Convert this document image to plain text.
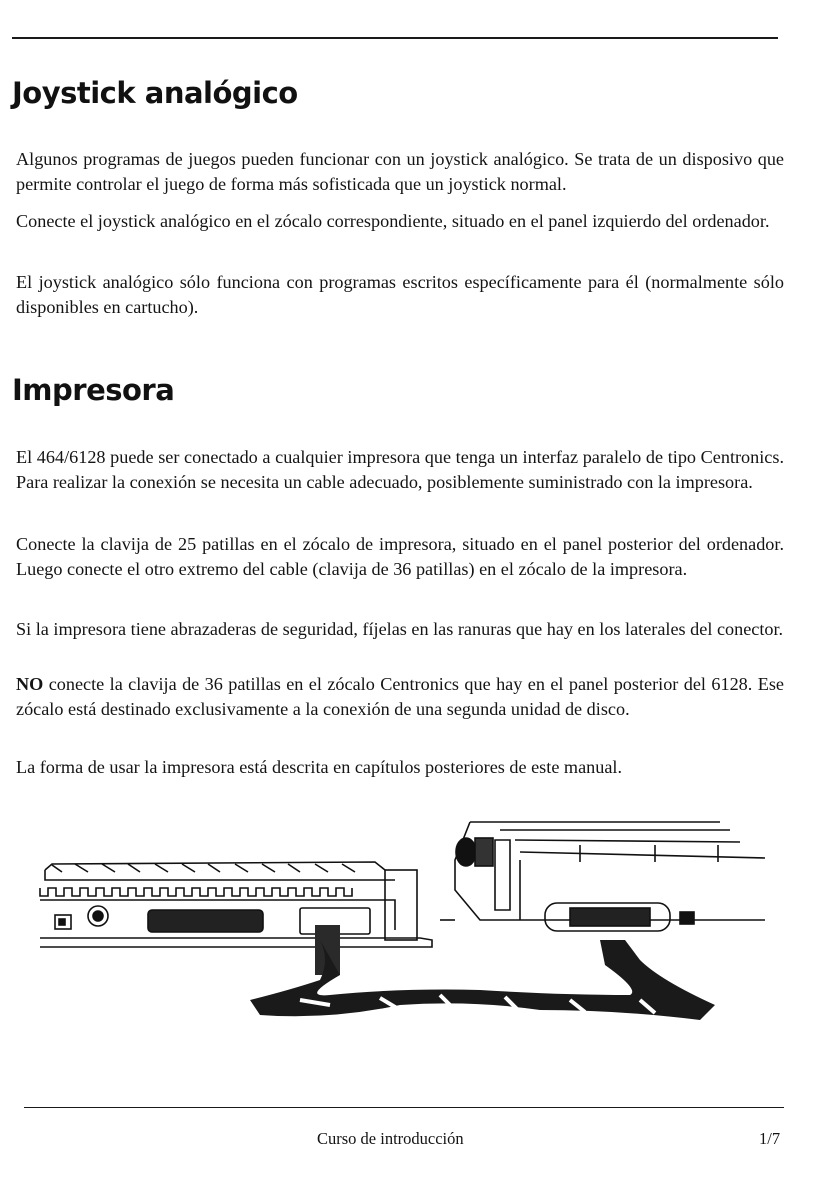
Joystick analógico

Algunos programas de juegos pueden funcionar con un joystick analógico. Se trata de un disposivo que permite controlar el juego de forma más sofisticada que un joystick normal.

Conecte el joystick analógico en el zócalo correspondiente, situado en el panel izquierdo del ordenador.

El joystick analógico sólo funciona con programas escritos específicamente para él (normalmente sólo disponibles en cartucho).

Impresora

El 464/6128 puede ser conectado a cualquier impresora que tenga un interfaz paralelo de tipo Centronics. Para realizar la conexión se necesita un cable adecuado, posiblemente suministrado con la impresora.

Conecte la clavija de 25 patillas en el zócalo de impresora, situado en el panel posterior del ordenador. Luego conecte el otro extremo del cable (clavija de 36 patillas) en el zócalo de la impresora.

Si la impresora tiene abrazaderas de seguridad, fíjelas en las ranuras que hay en los laterales del conector.

NO conecte la clavija de 36 patillas en el zócalo Centronics que hay en el panel posterior del 6128. Ese zócalo está destinado exclusivamente a la conexión de una segunda unidad de disco.

La forma de usar la impresora está descrita en capítulos posteriores de este manual.

Curso de introducción	1/7
